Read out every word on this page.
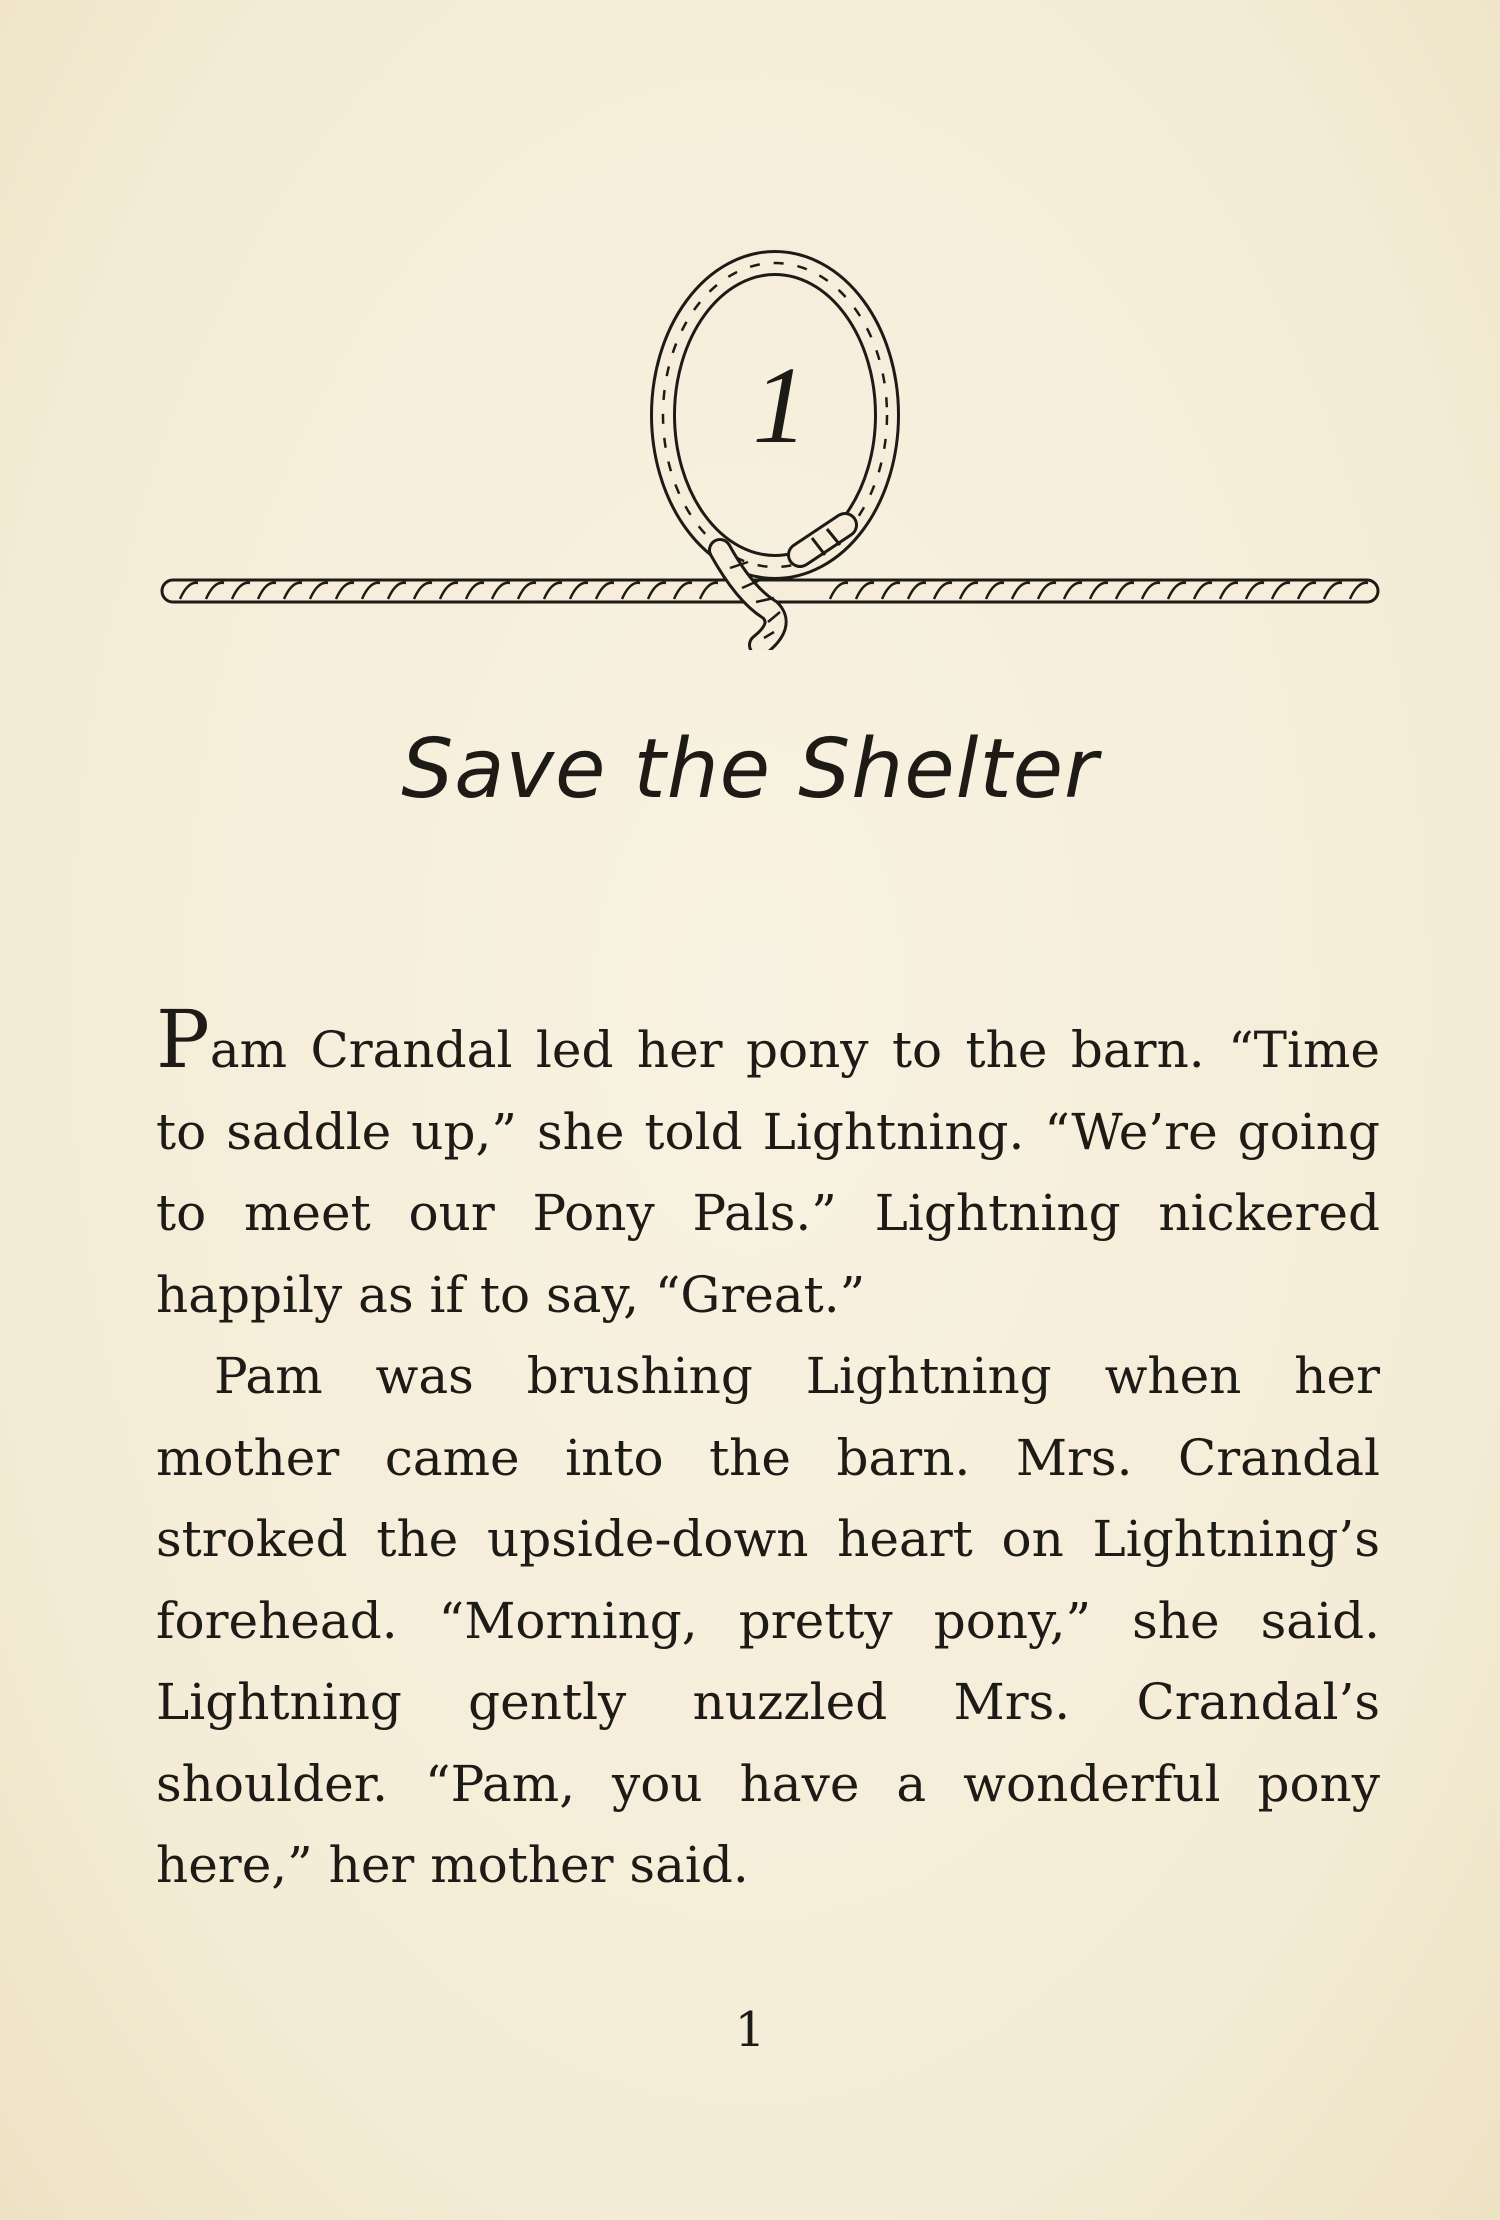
1
Save the Shelter

Pam Crandal led her pony to the barn. “Time to saddle up,” she told Lightning. “We’re going to meet our Pony Pals.” Lightning nickered happily as if to say, “Great.”

Pam was brushing Lightning when her mother came into the barn. Mrs. Crandal stroked the upside-down heart on Lightning’s forehead. “Morning, pretty pony,” she said. Lightning gently nuzzled Mrs. Crandal’s shoulder. “Pam, you have a wonderful pony here,” her mother said.

1
